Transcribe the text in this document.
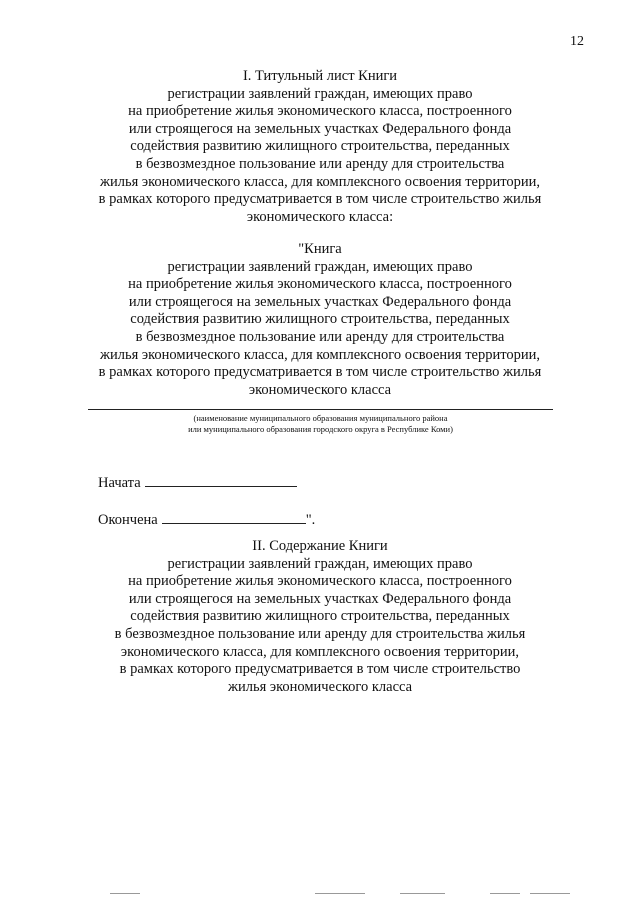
12
I. Титульный лист Книги
регистрации заявлений граждан, имеющих право
на приобретение жилья экономического класса, построенного
или строящегося на земельных участках Федерального фонда
содействия развитию жилищного строительства, переданных
в безвозмездное пользование или аренду для строительства
жилья экономического класса, для комплексного освоения территории,
в рамках которого предусматривается в том числе строительство жилья
экономического класса:
"Книга
регистрации заявлений граждан, имеющих право
на приобретение жилья экономического класса, построенного
или строящегося на земельных участках Федерального фонда
содействия развитию жилищного строительства, переданных
в безвозмездное пользование или аренду для строительства
жилья экономического класса, для комплексного освоения территории,
в рамках которого предусматривается в том числе строительство жилья
экономического класса
(наименование муниципального образования муниципального района
или муниципального образования городского округа в Республике Коми)
Начата
Окончена	".
II. Содержание Книги
регистрации заявлений граждан, имеющих право
на приобретение жилья экономического класса, построенного
или строящегося на земельных участках Федерального фонда
содействия развитию жилищного строительства, переданных
в безвозмездное пользование или аренду для строительства жилья
экономического класса, для комплексного освоения территории,
в рамках которого предусматривается в том числе строительство
жилья экономического класса
